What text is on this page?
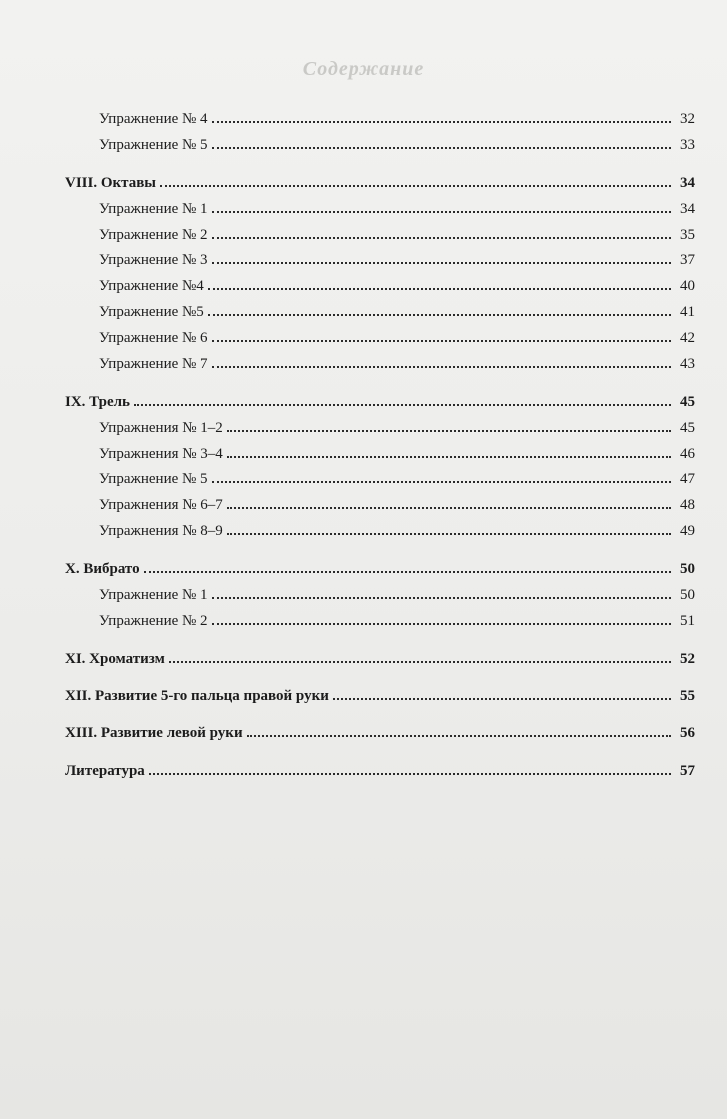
Содержание
Упражнение № 4	32
Упражнение № 5	33
VIII. Октавы	34
Упражнение № 1	34
Упражнение № 2	35
Упражнение № 3	37
Упражнение №4	40
Упражнение №5	41
Упражнение № 6	42
Упражнение № 7	43
IX. Трель	45
Упражнения № 1–2	45
Упражнения № 3–4	46
Упражнение № 5	47
Упражнения № 6–7	48
Упражнения № 8–9	49
X. Вибрато	50
Упражнение № 1	50
Упражнение № 2	51
XI. Хроматизм	52
XII. Развитие 5-го пальца правой руки	55
XIII. Развитие левой руки	56
Литература	57
